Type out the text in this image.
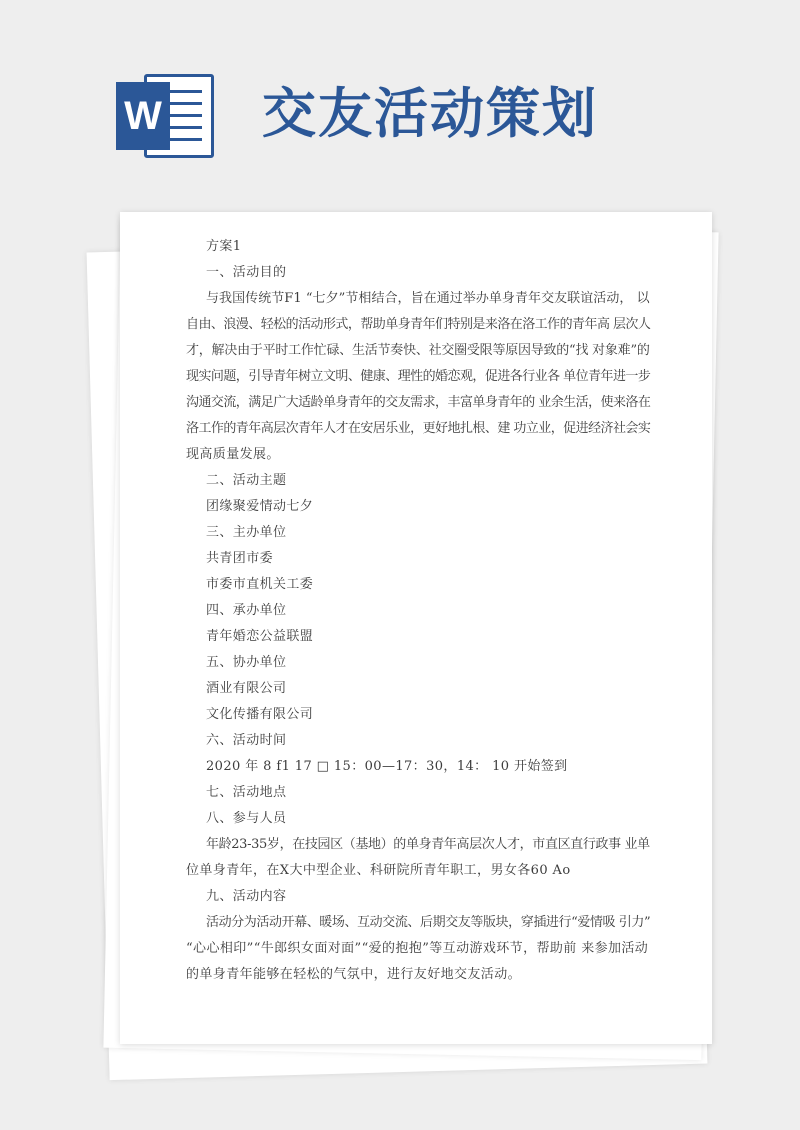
W 交友活动策划
方案1
一、活动目的
与我国传统节F1 “七夕”节相结合，旨在通过举办单身青年交友联谊活动， 以
自由、浪漫、轻松的活动形式，帮助单身青年们特别是来洛在洛工作的青年高 层次人
才，解决由于平时工作忙碌、生活节奏快、社交圈受限等原因导致的“找 对象难”的
现实问题，引导青年树立文明、健康、理性的婚恋观，促进各行业各 单位青年进一步
沟通交流，满足广大适龄单身青年的交友需求，丰富单身青年的 业余生活，使来洛在
洛工作的青年高层次青年人才在安居乐业，更好地扎根、建 功立业，促进经济社会实
现高质量发展。
二、活动主题
团缘聚爱情动七夕
三、主办单位
共青团市委
市委市直机关工委
四、承办单位
青年婚恋公益联盟
五、协办单位
酒业有限公司
文化传播有限公司
六、活动时间
2020 年 8 f1 17 □ 15：00—17：30，14： 10 开始签到
七、活动地点
八、参与人员
年龄23-35岁，在技园区（基地）的单身青年高层次人才，市直区直行政事 业单
位单身青年，在X大中型企业、科研院所青年职工，男女各60 Ao
九、活动内容
活动分为活动开幕、暖场、互动交流、后期交友等版块，穿插进行“爱情吸 引力”
“心心相印”“牛郎织女面对面”“爱的抱抱”等互动游戏环节，帮助前 来参加活动
的单身青年能够在轻松的气氛中，进行友好地交友活动。
